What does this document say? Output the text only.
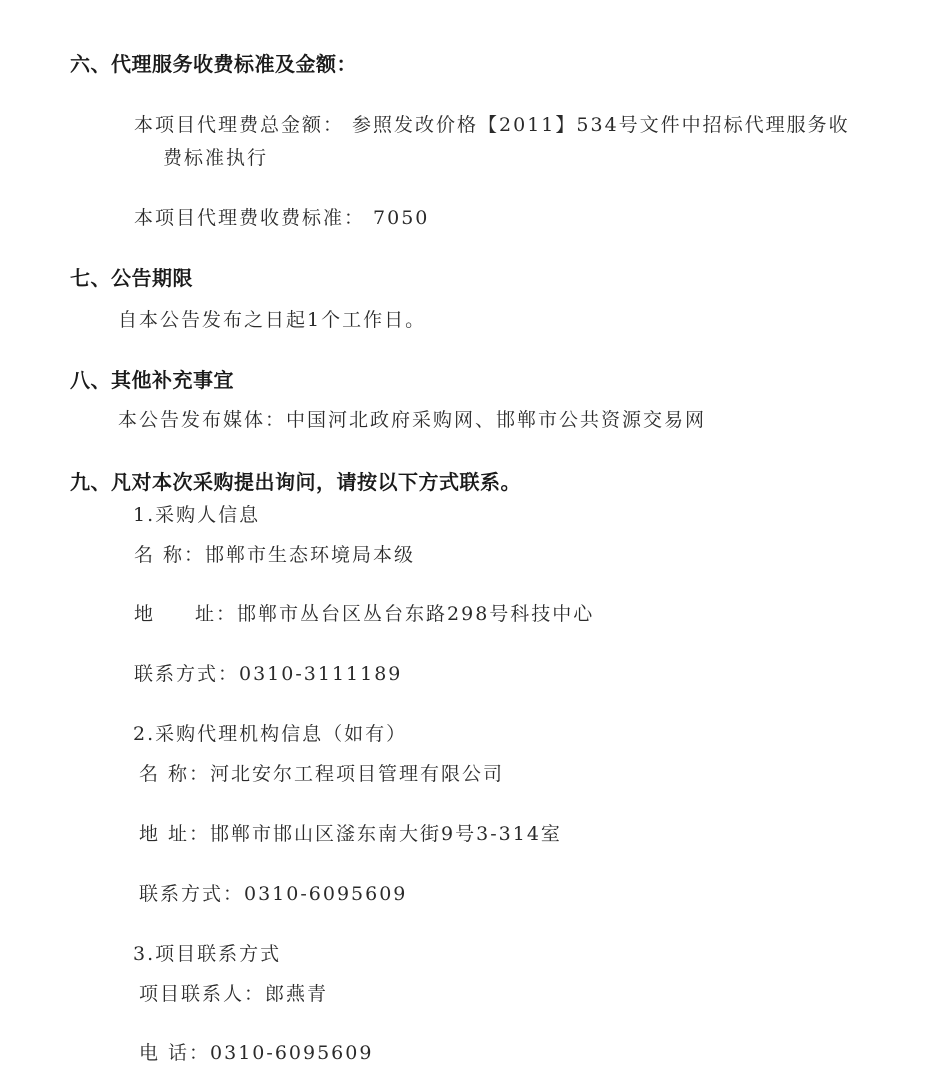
六、代理服务收费标准及金额：
本项目代理费总金额： 参照发改价格【2011】534号文件中招标代理服务收
费标准执行
本项目代理费收费标准： 7050
七、公告期限
自本公告发布之日起1个工作日。
八、其他补充事宜
本公告发布媒体：中国河北政府采购网、邯郸市公共资源交易网
九、凡对本次采购提出询问，请按以下方式联系。
1.采购人信息
名 称：邯郸市生态环境局本级
地 址：邯郸市丛台区丛台东路298号科技中心
联系方式：0310-3111189
2.采购代理机构信息（如有）
名 称：河北安尔工程项目管理有限公司
地 址：邯郸市邯山区滏东南大街9号3-314室
联系方式：0310-6095609
3.项目联系方式
项目联系人：郎燕青
电 话：0310-6095609
